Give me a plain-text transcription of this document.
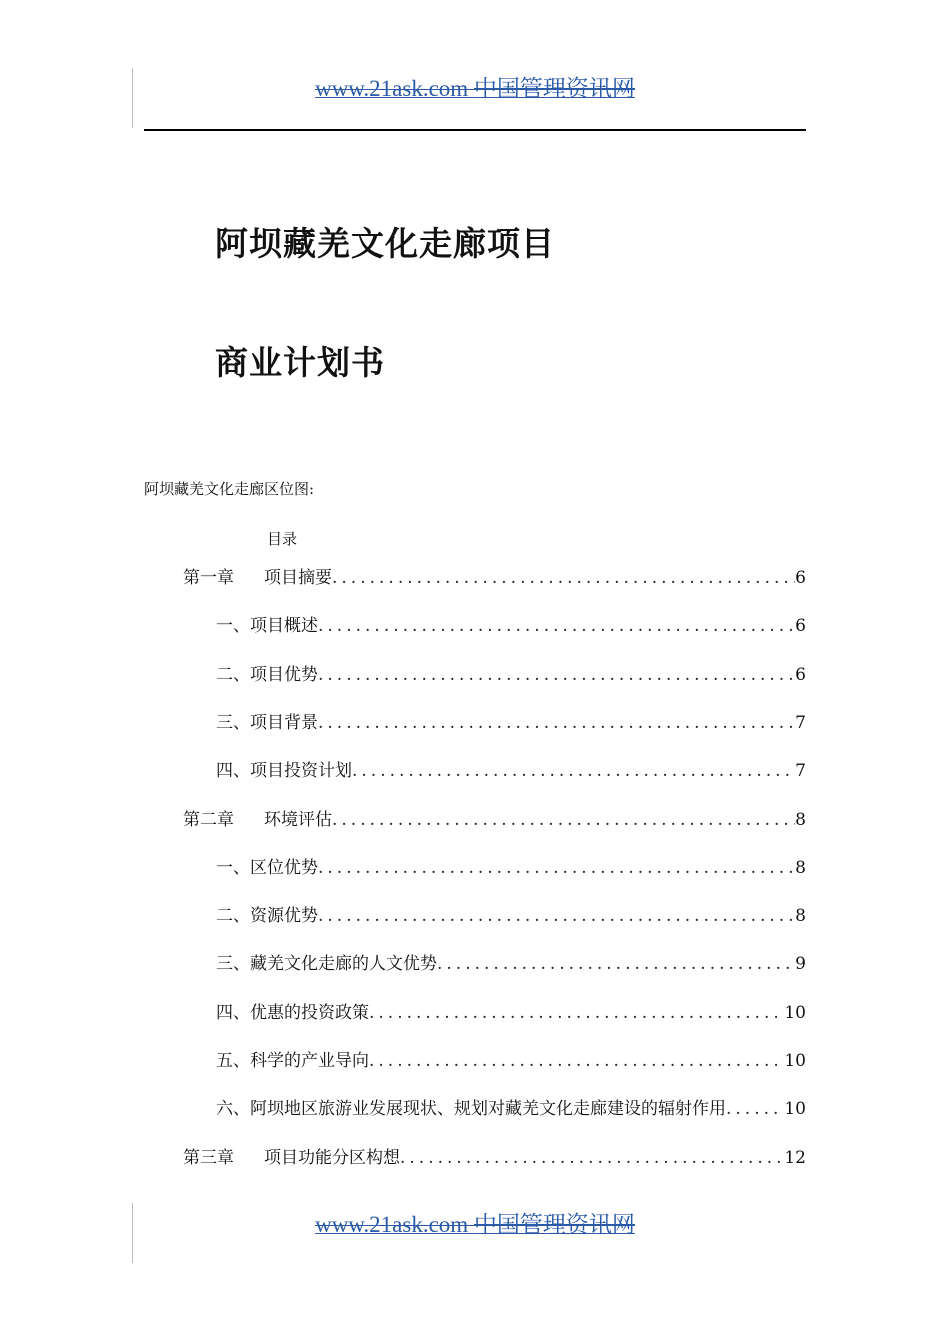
www.21ask.com 中国管理资讯网
阿坝藏羌文化走廊项目
商业计划书
阿坝藏羌文化走廊区位图:
目录
第一章 项目摘要 .....	6
一、项目概述 .....	6
二、项目优势 .....	6
三、项目背景 .....	7
四、项目投资计划 .....	7
第二章 环境评估 .....	8
一、区位优势 .....	8
二、资源优势 .....	8
三、藏羌文化走廊的人文优势 .....	9
四、优惠的投资政策 .....	10
五、科学的产业导向 .....	10
六、阿坝地区旅游业发展现状、规划对藏羌文化走廊建设的辐射作用 .....	10
第三章 项目功能分区构想 .....	12
www.21ask.com 中国管理资讯网
